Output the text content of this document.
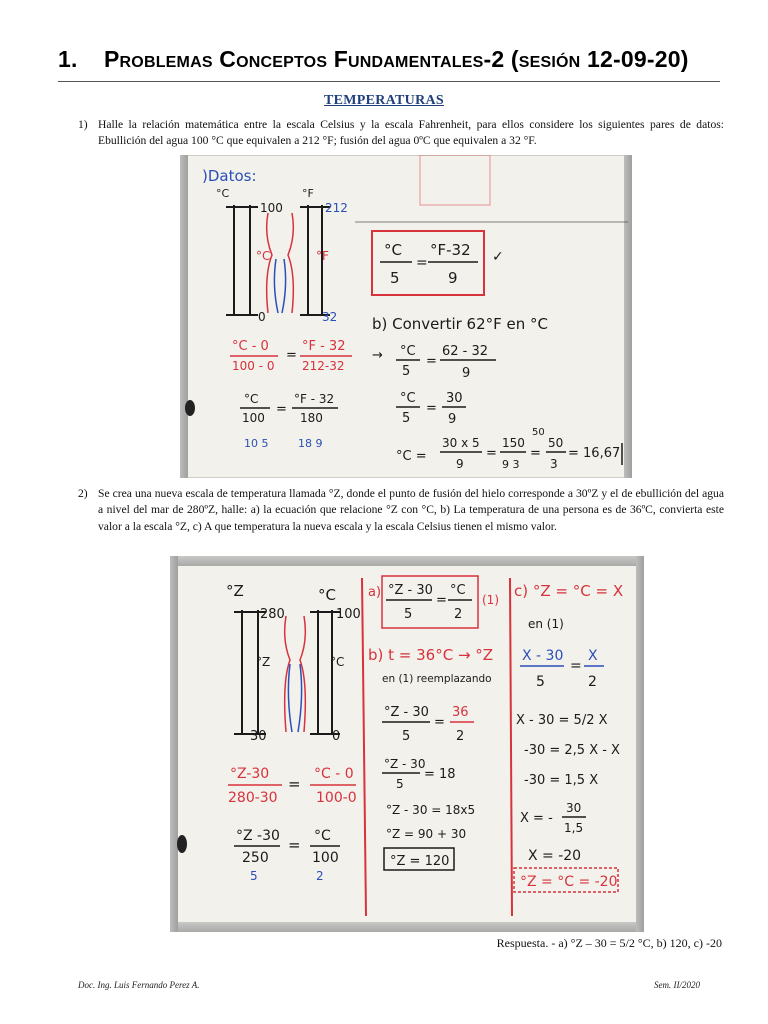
1. Problemas Conceptos Fundamentales-2 (sesión 12-09-20)
TEMPERATURAS
1) Halle la relación matemática entre la escala Celsius y la escala Fahrenheit, para ellos considere los siguientes pares de datos: Ebullición del agua 100 °C que equivalen a 212 °F; fusión del agua 0ºC que equivalen a 32 °F.
)Datos:
°C	°F
100	212
°C	°F
0	32
°C - 0
100 - 0
=
°F - 32
212-32
°C
100
10 5
=
°F - 32
180
18 9
°C
5
=
°F-32
9
✓
b) Convertir 62°F en °C
→ °C
5
=
62 - 32
9
°C
5
=
30
9
°C =
30 x 5
9
=
150
9 3
50
=
50
3
= 16,67
2) Se crea una nueva escala de temperatura llamada °Z, donde el punto de fusión del hielo corresponde a 30ºZ y el de ebullición del agua a nivel del mar de 280ºZ, halle: a) la ecuación que relacione °Z con °C, b) La temperatura de una persona es de 36ºC, convierta este valor a la escala °Z, c) A que temperatura la nueva escala y la escala Celsius tienen el mismo valor.
°Z	°C
280	100
°Z	°C
30	0
°Z-30
280-30
=
°C - 0
100-0
°Z -30
250
5
= °C
100
2
a) °Z - 30
5
=
°C
2
(1)
b) t = 36°C → °Z
en (1) reemplazando
°Z - 30
5
=
36
2
°Z - 30
5
= 18
°Z - 30 = 18x5
°Z = 90 + 30
°Z = 120
c) °Z = °C = X
en (1)
X - 30
5
=
X
2
X - 30 = 5/2 X
-30 = 2,5 X - X
-30 = 1,5 X
X = -
30
1,5
X = -20
°Z = °C = -20
Respuesta. - a) °Z – 30 = 5/2 °C, b) 120, c) -20
Doc. Ing. Luis Fernando Perez A.	Sem. II/2020
